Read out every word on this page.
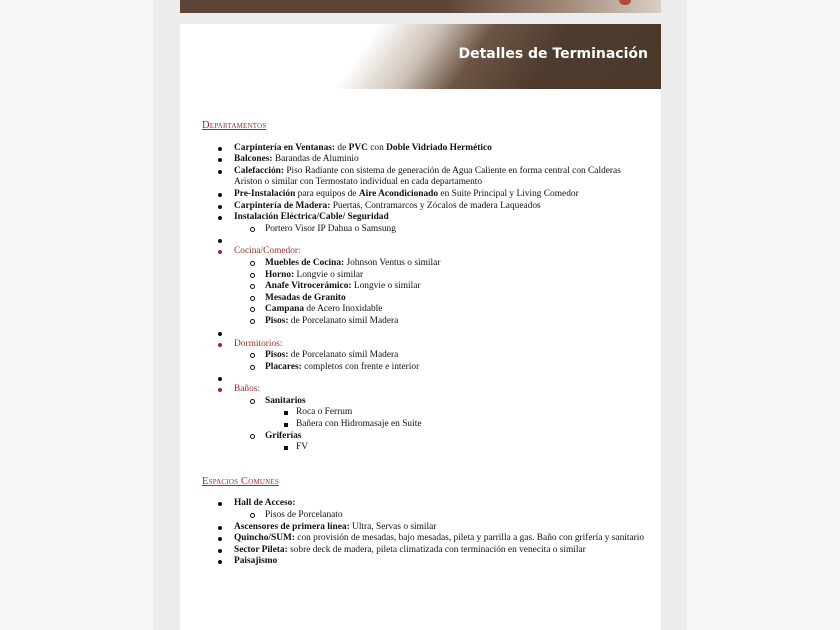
Detalles de Terminación
Departamentos
Carpintería en Ventanas: de PVC con Doble Vidriado Hermético
Balcones: Barandas de Aluminio
Calefacción: Piso Radiante con sistema de generación de Agua Caliente en forma central con Calderas Ariston o similar con Termostato individual en cada departamento
Pre-Instalación para equipos de Aire Acondicionado en Suite Principal y Living Comedor
Carpintería de Madera: Puertas, Contramarcos y Zócalos de madera Laqueados
Instalación Eléctrica/Cable/ Seguridad
Portero Visor IP Dahua o Samsung
Cocina/Comedor:
Muebles de Cocina: Johnson Ventus o similar
Horno: Longvie o similar
Anafe Vitrocerámico: Longvie o similar
Mesadas de Granito
Campana de Acero Inoxidable
Pisos: de Porcelanato símil Madera
Dormitorios:
Pisos: de Porcelanato símil Madera
Placares: completos con frente e interior
Baños:
Sanitarios
Roca o Ferrum
Bañera con Hidromasaje en Suite
Griferías
FV
Espacios Comunes
Hall de Acceso:
Pisos de Porcelanato
Ascensores de primera línea: Ultra, Servas o similar
Quincho/SUM: con provisión de mesadas, bajo mesadas, pileta y parrilla a gas. Baño con grifería y sanitario
Sector Pileta: sobre deck de madera, pileta climatizada con terminación en venecita o similar
Paisajismo
